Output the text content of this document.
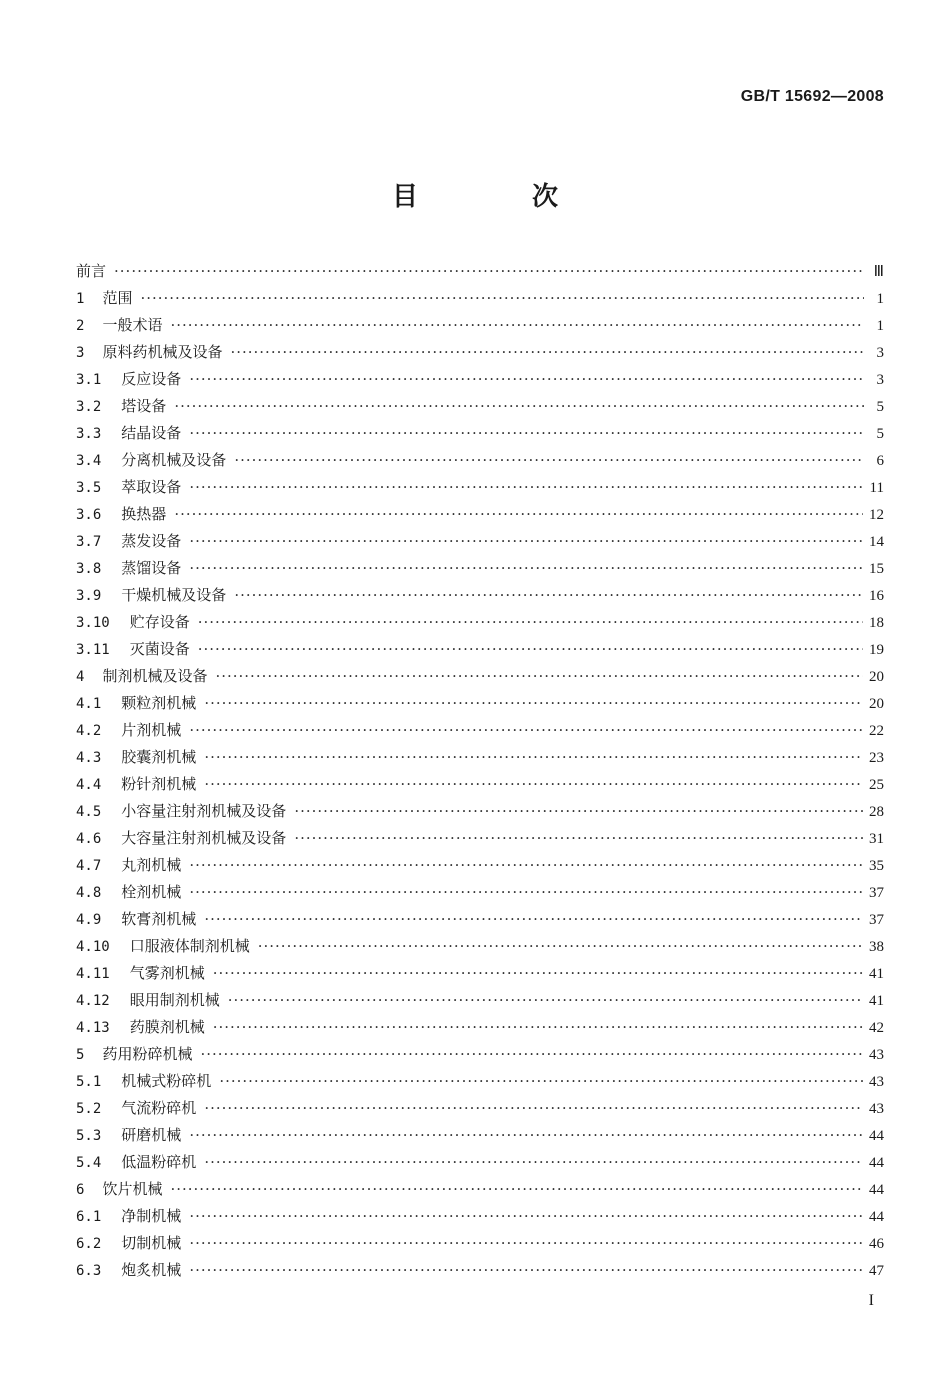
GB/T 15692—2008
目　次
前言 ·····	Ⅲ
1 范围 ·····	1
2 一般术语 ·····	1
3 原料药机械及设备 ·····	3
3.1 反应设备 ·····	3
3.2 塔设备 ·····	5
3.3 结晶设备 ·····	5
3.4 分离机械及设备 ·····	6
3.5 萃取设备 ·····	11
3.6 换热器 ·····	12
3.7 蒸发设备 ·····	14
3.8 蒸馏设备 ·····	15
3.9 干燥机械及设备 ·····	16
3.10 贮存设备 ·····	18
3.11 灭菌设备 ·····	19
4 制剂机械及设备 ·····	20
4.1 颗粒剂机械 ·····	20
4.2 片剂机械 ·····	22
4.3 胶囊剂机械 ·····	23
4.4 粉针剂机械 ·····	25
4.5 小容量注射剂机械及设备 ·····	28
4.6 大容量注射剂机械及设备 ·····	31
4.7 丸剂机械 ·····	35
4.8 栓剂机械 ·····	37
4.9 软膏剂机械 ·····	37
4.10 口服液体制剂机械 ·····	38
4.11 气雾剂机械 ·····	41
4.12 眼用制剂机械 ·····	41
4.13 药膜剂机械 ·····	42
5 药用粉碎机械 ·····	43
5.1 机械式粉碎机 ·····	43
5.2 气流粉碎机 ·····	43
5.3 研磨机械 ·····	44
5.4 低温粉碎机 ·····	44
6 饮片机械 ·····	44
6.1 净制机械 ·····	44
6.2 切制机械 ·····	46
6.3 炮炙机械 ·····	47
I
